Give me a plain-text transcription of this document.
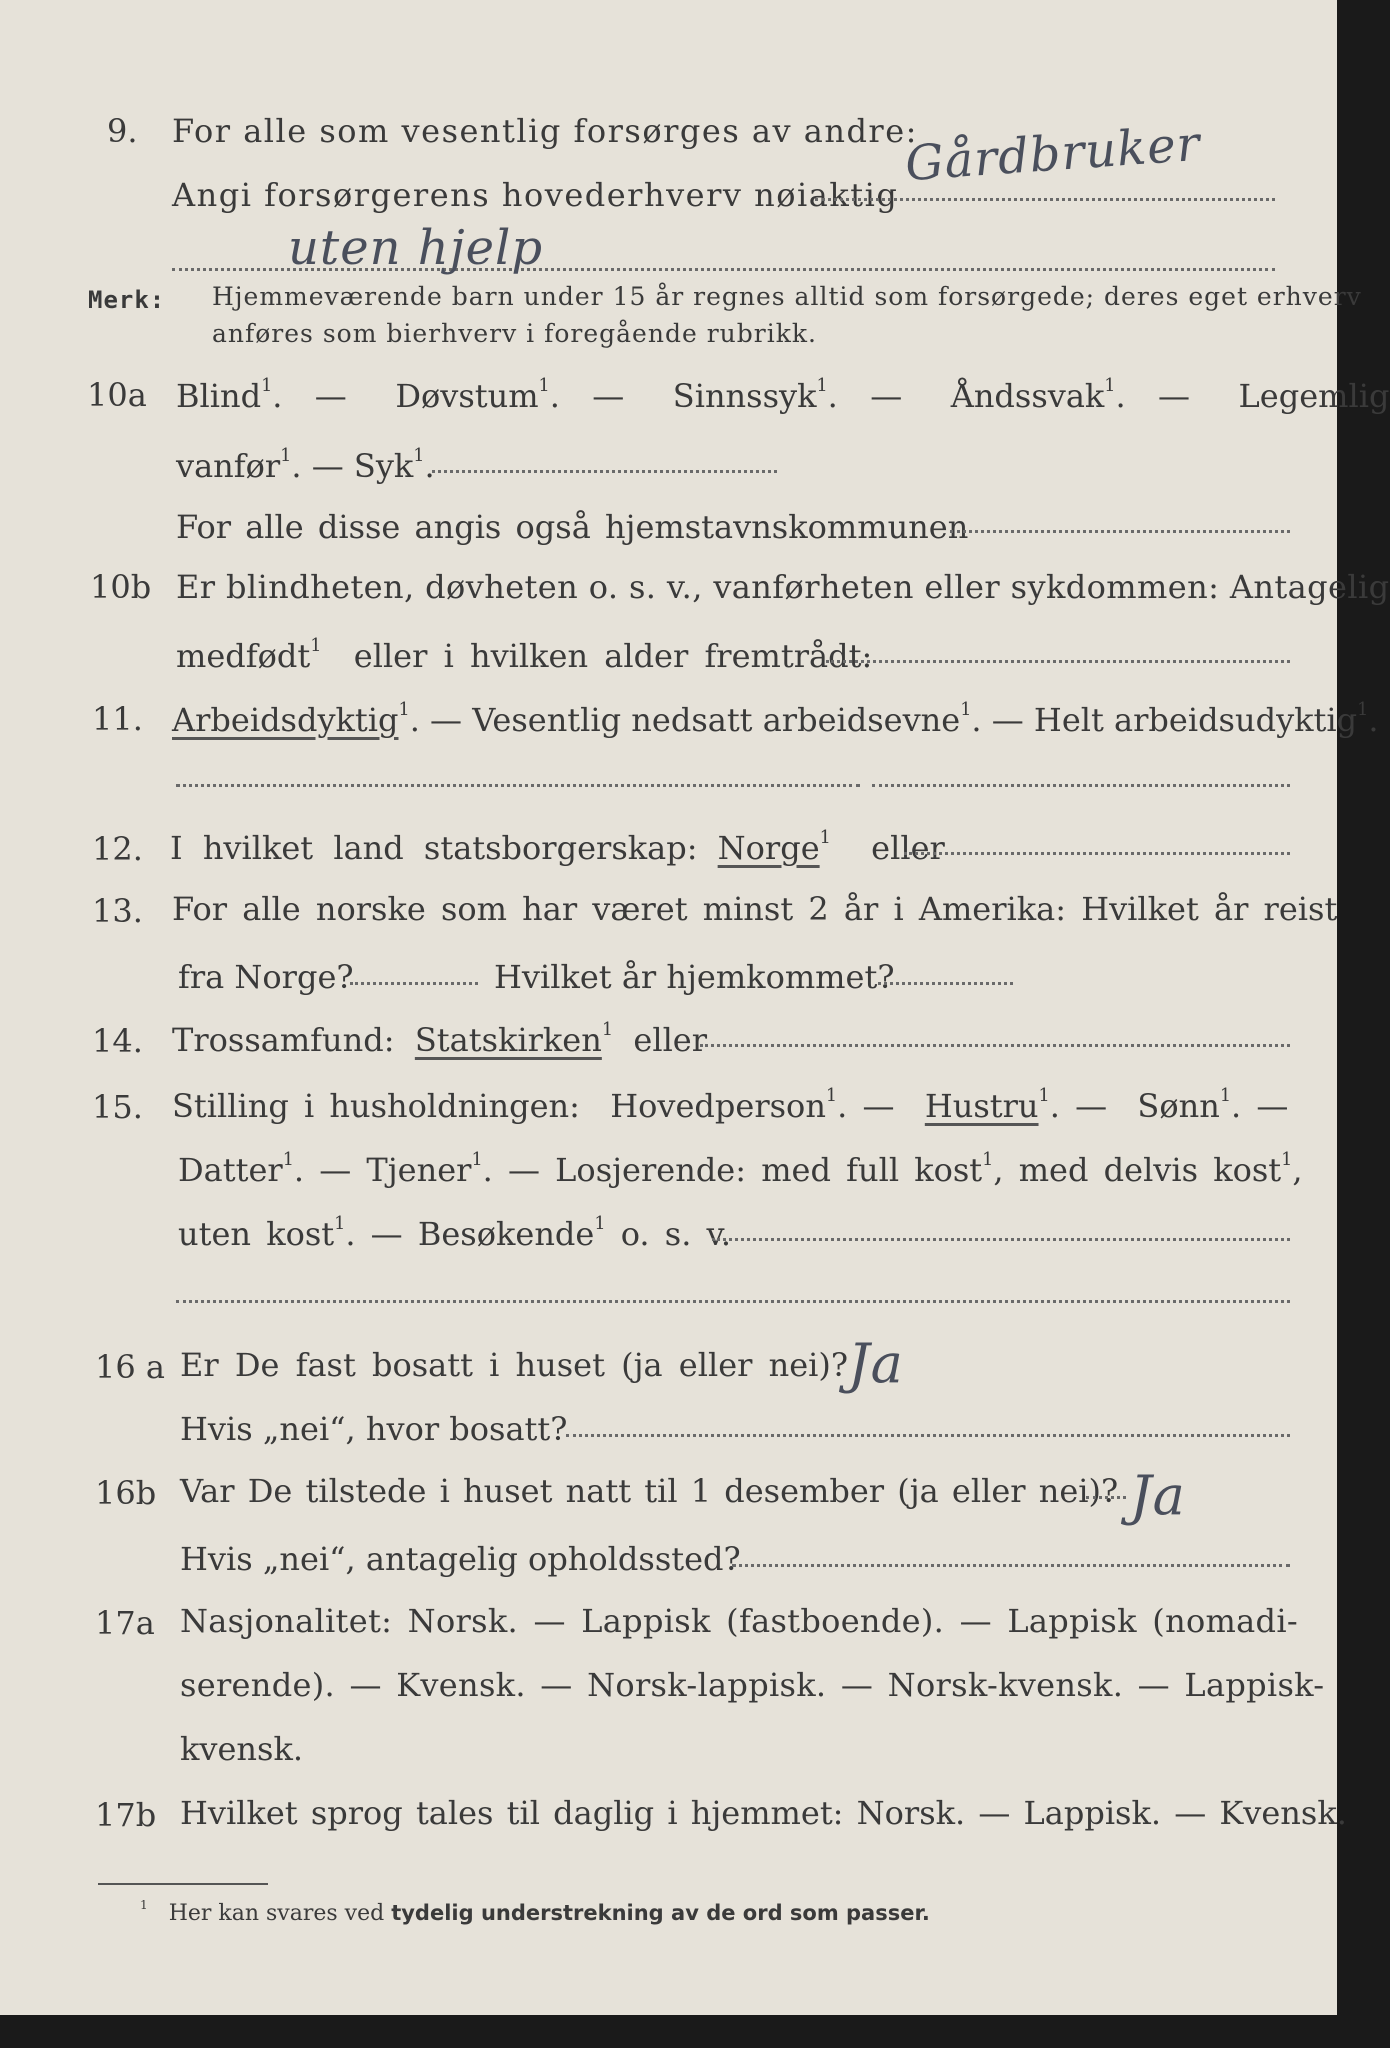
9. For alle som vesentlig forsørges av andre:
Angi forsørgerens hovederhverv nøiaktig
Gårdbruker
uten hjelp
Merk: Hjemmeværende barn under 15 år regnes alltid som forsørgede; deres eget erhverv
anføres som bierhverv i foregående rubrikk.
10a Blind$^1$.  —   Døvstum$^1$.  —   Sinnssyk$^1$.  —   Åndssvak$^1$.  —   Legemlig
vanfør$^1$. — Syk$^1$.
For alle disse angis også hjemstavnskommunen
10b Er blindheten, døvheten o. s. v., vanførheten eller sykdommen: Antagelig
medfødt$^1$ eller i hvilken alder fremtrådt:
11. Arbeidsdyktig$^1$. — Vesentlig nedsatt arbeidsevne$^1$. — Helt arbeidsudyktig$^1$.
12. I hvilket land statsborgerskap: Norge$^1$ eller
13. For alle norske som har været minst 2 år i Amerika: Hvilket år reist
fra Norge?	Hvilket år hjemkommet?
14. Trossamfund: Statskirken$^1$ eller
15. Stilling i husholdningen: Hovedperson$^1$. —  Hustru$^1$. —  Sønn$^1$. —
Datter$^1$. — Tjener$^1$. — Losjerende: med full kost$^1$, med delvis kost$^1$,
uten kost$^1$. — Besøkende$^1$ o. s. v.
16 a Er De fast bosatt i huset (ja eller nei)? Ja
Hvis „nei“, hvor bosatt?
16b Var De tilstede i huset natt til 1 desember (ja eller nei)? Ja
Hvis „nei“, antagelig opholdssted?
17a Nasjonalitet: Norsk. — Lappisk (fastboende). — Lappisk (nomadi-
serende). — Kvensk. — Norsk-lappisk. — Norsk-kvensk. — Lappisk-
kvensk.
17b Hvilket sprog tales til daglig i hjemmet: Norsk. — Lappisk. — Kvensk.
$^1$ Her kan svares ved tydelig understrekning av de ord som passer.
